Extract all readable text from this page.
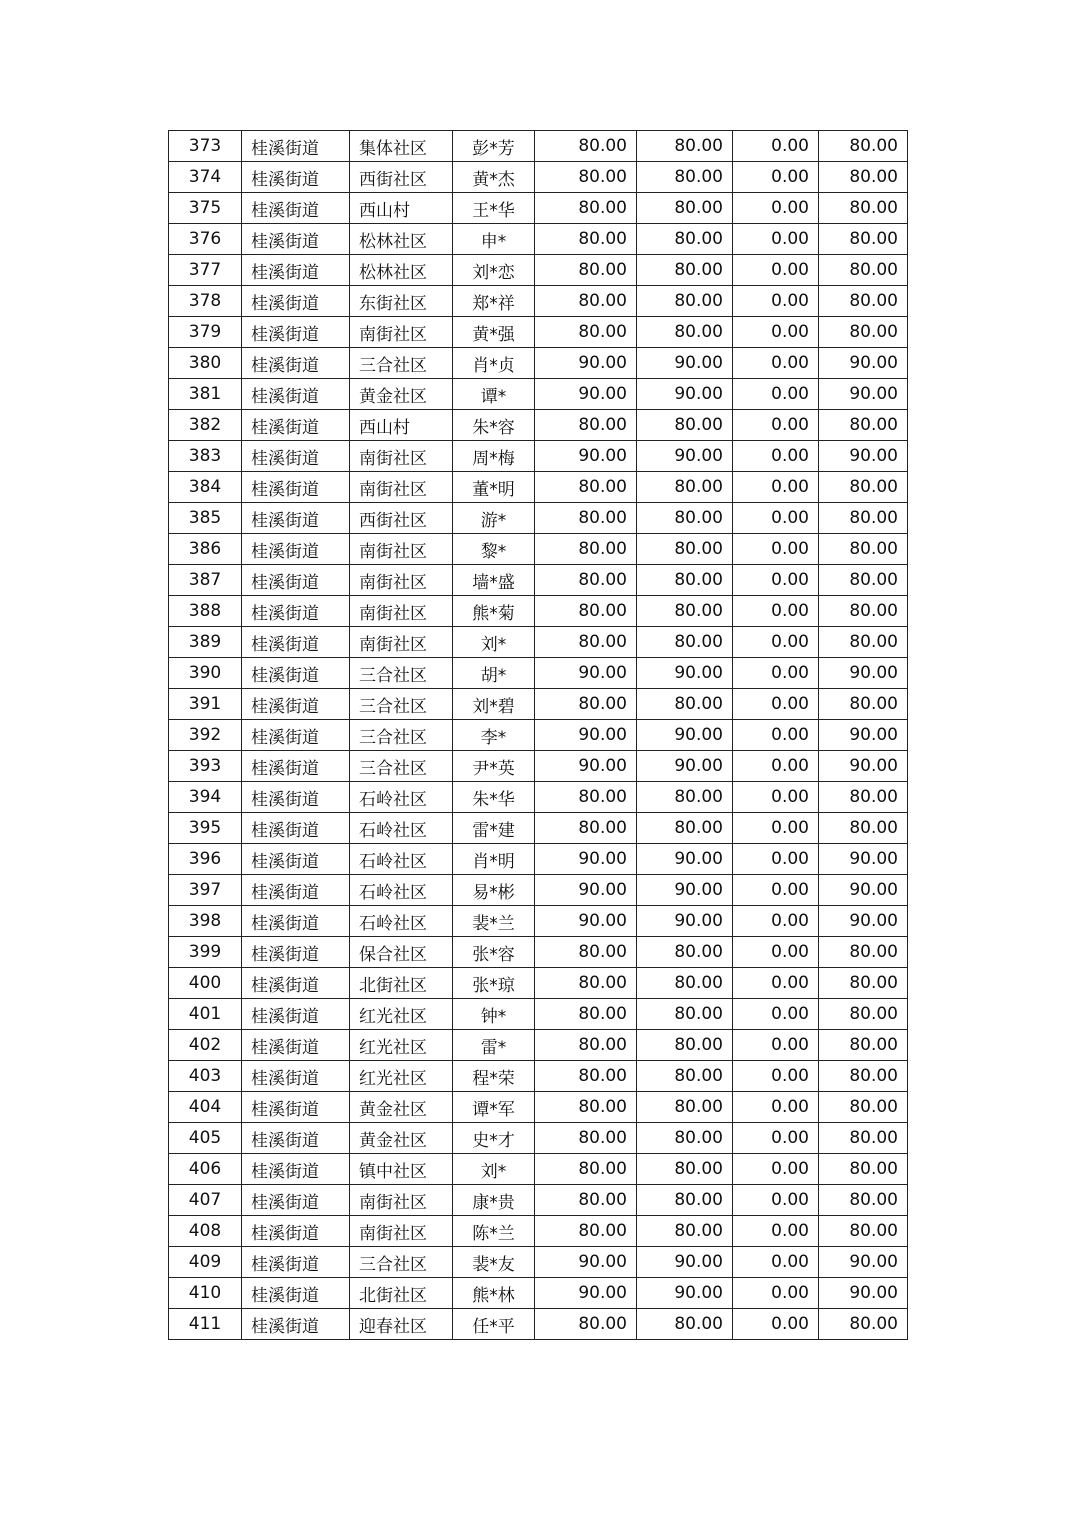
373	桂溪街道	集体社区	彭*芳	80.00	80.00	0.00	80.00
374	桂溪街道	西街社区	黄*杰	80.00	80.00	0.00	80.00
375	桂溪街道	西山村	王*华	80.00	80.00	0.00	80.00
376	桂溪街道	松林社区	申*	80.00	80.00	0.00	80.00
377	桂溪街道	松林社区	刘*恋	80.00	80.00	0.00	80.00
378	桂溪街道	东街社区	郑*祥	80.00	80.00	0.00	80.00
379	桂溪街道	南街社区	黄*强	80.00	80.00	0.00	80.00
380	桂溪街道	三合社区	肖*贞	90.00	90.00	0.00	90.00
381	桂溪街道	黄金社区	谭*	90.00	90.00	0.00	90.00
382	桂溪街道	西山村	朱*容	80.00	80.00	0.00	80.00
383	桂溪街道	南街社区	周*梅	90.00	90.00	0.00	90.00
384	桂溪街道	南街社区	董*明	80.00	80.00	0.00	80.00
385	桂溪街道	西街社区	游*	80.00	80.00	0.00	80.00
386	桂溪街道	南街社区	黎*	80.00	80.00	0.00	80.00
387	桂溪街道	南街社区	墙*盛	80.00	80.00	0.00	80.00
388	桂溪街道	南街社区	熊*菊	80.00	80.00	0.00	80.00
389	桂溪街道	南街社区	刘*	80.00	80.00	0.00	80.00
390	桂溪街道	三合社区	胡*	90.00	90.00	0.00	90.00
391	桂溪街道	三合社区	刘*碧	80.00	80.00	0.00	80.00
392	桂溪街道	三合社区	李*	90.00	90.00	0.00	90.00
393	桂溪街道	三合社区	尹*英	90.00	90.00	0.00	90.00
394	桂溪街道	石岭社区	朱*华	80.00	80.00	0.00	80.00
395	桂溪街道	石岭社区	雷*建	80.00	80.00	0.00	80.00
396	桂溪街道	石岭社区	肖*明	90.00	90.00	0.00	90.00
397	桂溪街道	石岭社区	易*彬	90.00	90.00	0.00	90.00
398	桂溪街道	石岭社区	裴*兰	90.00	90.00	0.00	90.00
399	桂溪街道	保合社区	张*容	80.00	80.00	0.00	80.00
400	桂溪街道	北街社区	张*琼	80.00	80.00	0.00	80.00
401	桂溪街道	红光社区	钟*	80.00	80.00	0.00	80.00
402	桂溪街道	红光社区	雷*	80.00	80.00	0.00	80.00
403	桂溪街道	红光社区	程*荣	80.00	80.00	0.00	80.00
404	桂溪街道	黄金社区	谭*军	80.00	80.00	0.00	80.00
405	桂溪街道	黄金社区	史*才	80.00	80.00	0.00	80.00
406	桂溪街道	镇中社区	刘*	80.00	80.00	0.00	80.00
407	桂溪街道	南街社区	康*贵	80.00	80.00	0.00	80.00
408	桂溪街道	南街社区	陈*兰	80.00	80.00	0.00	80.00
409	桂溪街道	三合社区	裴*友	90.00	90.00	0.00	90.00
410	桂溪街道	北街社区	熊*林	90.00	90.00	0.00	90.00
411	桂溪街道	迎春社区	任*平	80.00	80.00	0.00	80.00
